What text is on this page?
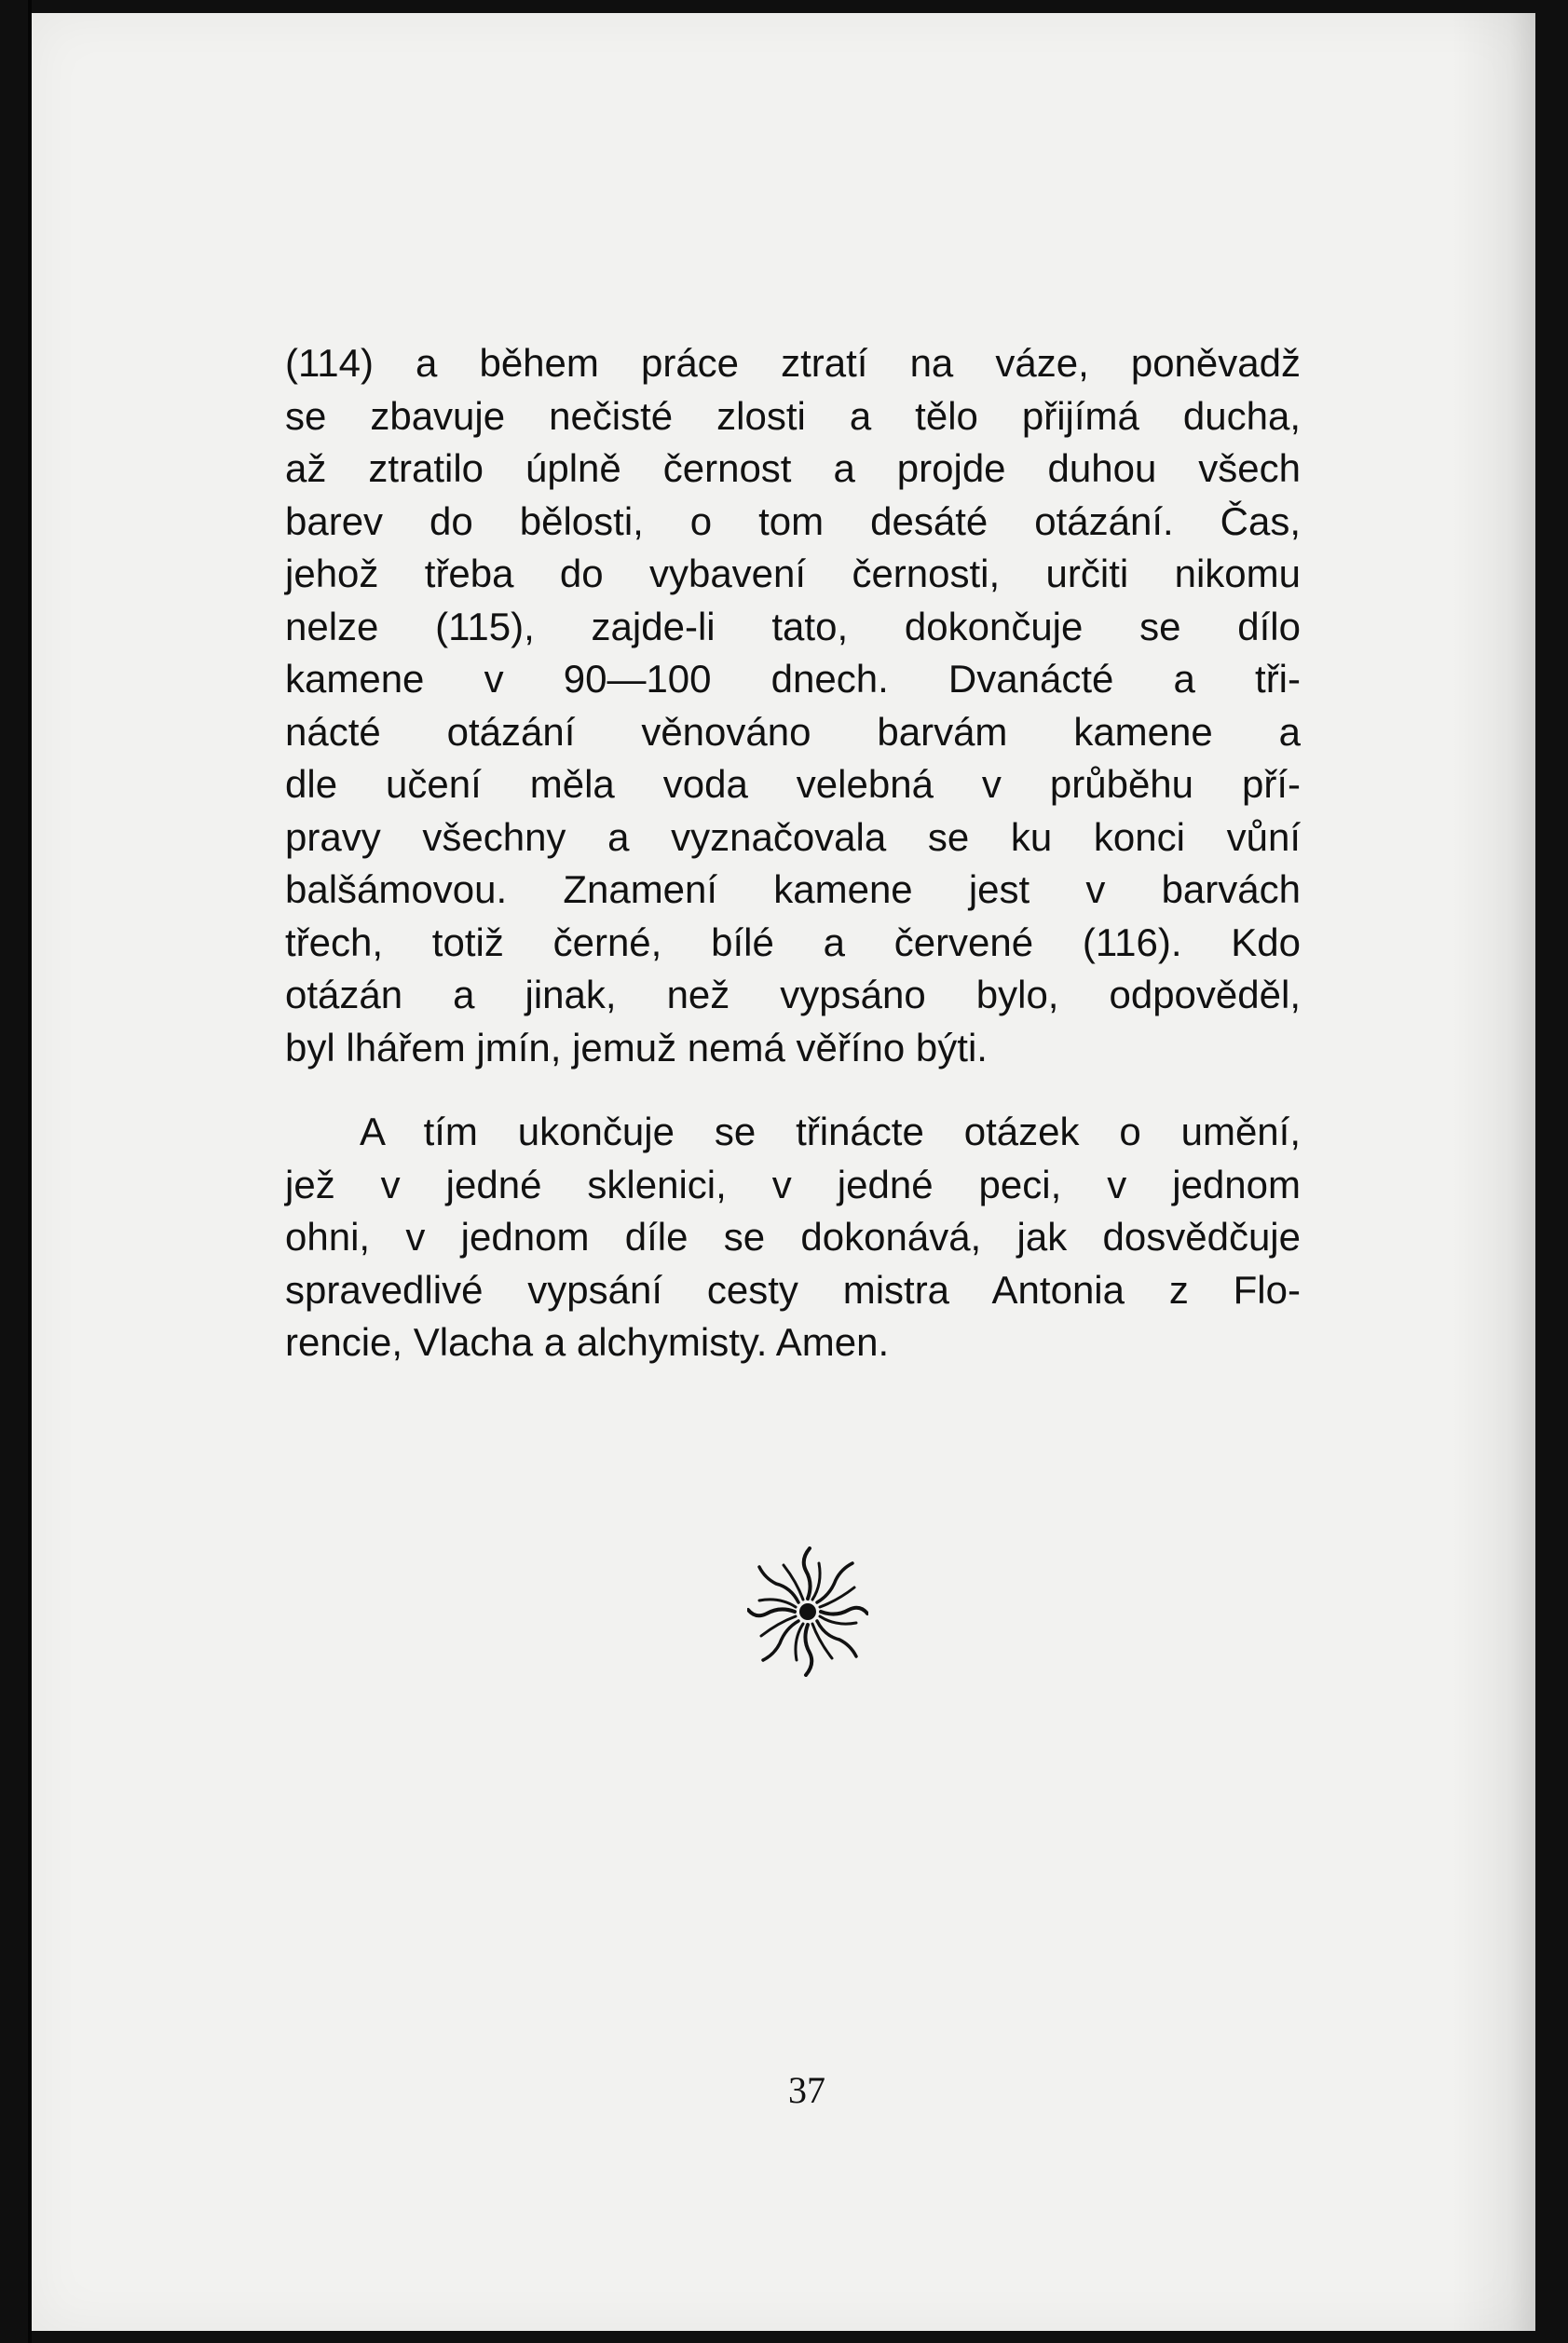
(114) a během práce ztratí na váze, poněvadž
se zbavuje nečisté zlosti a tělo přijímá ducha,
až ztratilo úplně černost a projde duhou všech
barev do bělosti, o tom desáté otázání. Čas,
jehož třeba do vybavení černosti, určiti nikomu
nelze (115), zajde-li tato, dokončuje se dílo
kamene v 90—100 dnech. Dvanácté a tři-
nácté otázání věnováno barvám kamene a
dle učení měla voda velebná v průběhu pří-
pravy všechny a vyznačovala se ku konci vůní
balšámovou. Znamení kamene jest v barvách
třech, totiž černé, bílé a červené (116). Kdo
otázán a jinak, než vypsáno bylo, odpověděl,
byl lhářem jmín, jemuž nemá věříno býti.

A tím ukončuje se třinácte otázek o umění,
jež v jedné sklenici, v jedné peci, v jednom
ohni, v jednom díle se dokonává, jak dosvědčuje
spravedlivé vypsání cesty mistra Antonia z Flo-
rencie, Vlacha a alchymisty. Amen.

37
